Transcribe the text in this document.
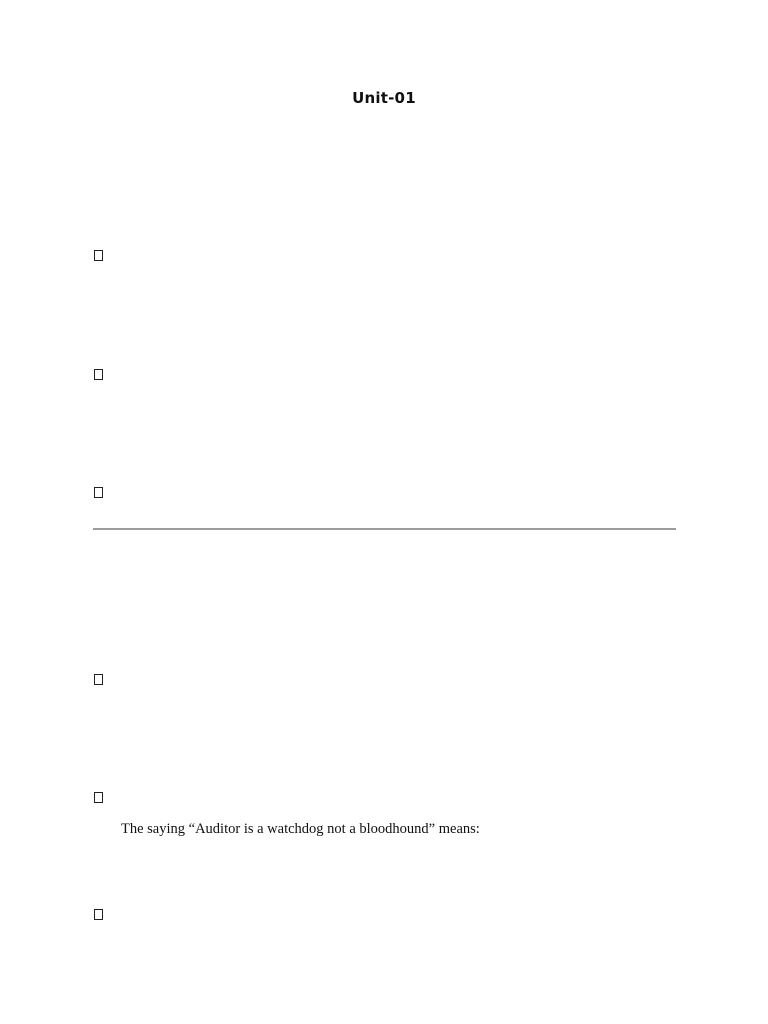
Unit-01
The saying “Auditor is a watchdog not a bloodhound” means:
